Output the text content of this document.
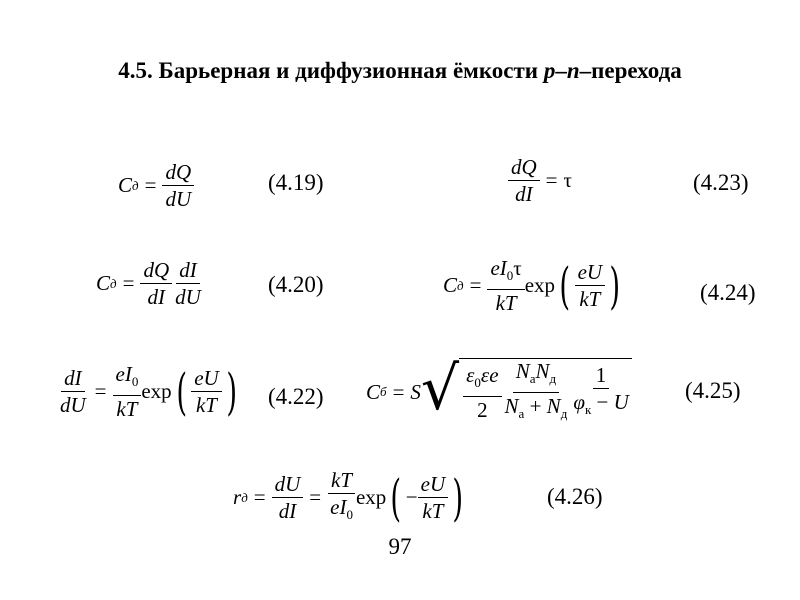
4.5. Барьерная и диффузионная ёмкости p–n–перехода
C $д = \frac{dQ}{dU}$	(4.19)	$\frac{dQ}{dI} = \tau$	(4.23)
C $д = \frac{dQ}{dI} \frac{dI}{dU}$	(4.20)	C $д = \frac{eI_0\tau}{kT}$ exp ( $\frac{eU}{kT}$ )	(4.24)
$\frac{dI}{dU} = \frac{eI_0}{kT}$ exp ( $\frac{eU}{kT}$ ) (4.22) C б = S √ $\frac{\varepsilon_0\varepsilon e}{2} \frac{N_аN_д}{N_а + N_д} \frac{1}{\varphi_к - U} (4.25)$
r $д = \frac{dU}{dI} = \frac{kT}{eI_0}$ exp ( − $\frac{eU}{kT}$ )	(4.26)
97
